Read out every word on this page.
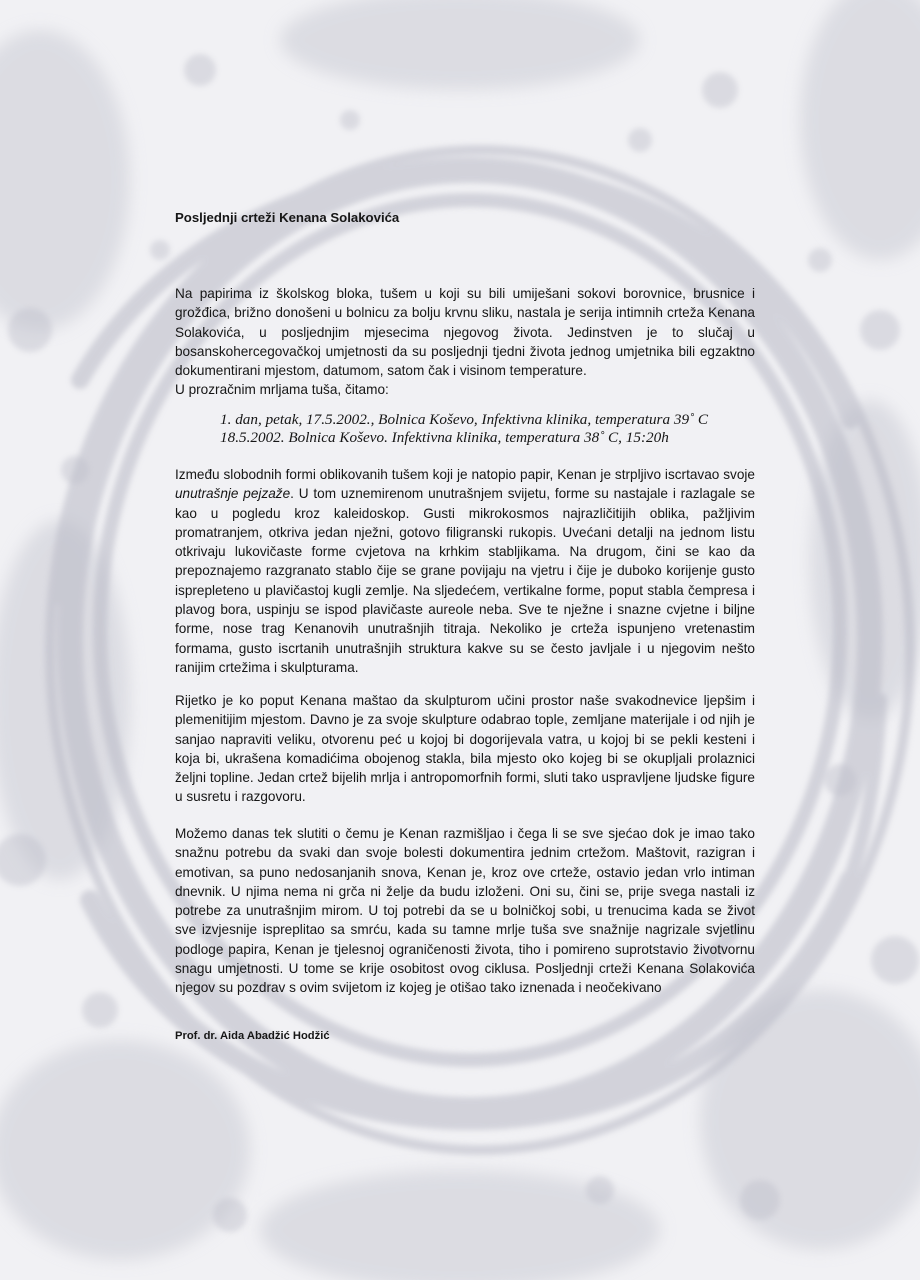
Posljednji crteži Kenana Solakovića

Na papirima iz školskog bloka, tušem u koji su bili umiješani sokovi borovnice, brusnice i grožđica, brižno donošeni u bolnicu za bolju krvnu sliku, nastala je serija intimnih crteža Kenana Solakovića, u posljednjim mjesecima njegovog života. Jedinstven je to slučaj u bosanskohercegovačkoj umjetnosti da su posljednji tjedni života jednog umjetnika bili egzaktno dokumentirani mjestom, datumom, satom čak i visinom temperature.
U prozračnim mrljama tuša, čitamo:

1. dan, petak, 17.5.2002., Bolnica Koševo, Infektivna klinika, temperatura 39˚ C
18.5.2002. Bolnica Koševo. Infektivna klinika, temperatura 38˚ C, 15:20h

Između slobodnih formi oblikovanih tušem koji je natopio papir, Kenan je strpljivo iscrtavao svoje unutrašnje pejzaže. U tom uznemirenom unutrašnjem svijetu, forme su nastajale i razlagale se kao u pogledu kroz kaleidoskop. Gusti mikrokosmos najrazličitijih oblika, pažljivim promatranjem, otkriva jedan nježni, gotovo filigranski rukopis. Uvećani detalji na jednom listu otkrivaju lukovičaste forme cvjetova na krhkim stabljikama. Na drugom, čini se kao da prepoznajemo razgranato stablo čije se grane povijaju na vjetru i čije je duboko korijenje gusto isprepleteno u plavičastoj kugli zemlje. Na sljedećem, vertikalne forme, poput stabla čempresa i plavog bora, uspinju se ispod plavičaste aureole neba. Sve te nježne i snazne cvjetne i biljne forme, nose trag Kenanovih unutrašnjih titraja. Nekoliko je crteža ispunjeno vretenastim formama, gusto iscrtanih unutrašnjih struktura kakve su se često javljale i u njegovim nešto ranijim crtežima i skulpturama.

Rijetko je ko poput Kenana maštao da skulpturom učini prostor naše svakodnevice ljepšim i plemenitijim mjestom. Davno je za svoje skulpture odabrao tople, zemljane materijale i od njih je sanjao napraviti veliku, otvorenu peć u kojoj bi dogorijevala vatra, u kojoj bi se pekli kesteni i koja bi, ukrašena komadićima obojenog stakla, bila mjesto oko kojeg bi se okupljali prolaznici željni topline. Jedan crtež bijelih mrlja i antropomorfnih formi, sluti tako uspravljene ljudske figure u susretu i razgovoru.

Možemo danas tek slutiti o čemu je Kenan razmišljao i čega li se sve sjećao dok je imao tako snažnu potrebu da svaki dan svoje bolesti dokumentira jednim crtežom. Maštovit, razigran i emotivan, sa puno nedosanjanih snova, Kenan je, kroz ove crteže, ostavio jedan vrlo intiman dnevnik. U njima nema ni grča ni želje da budu izloženi. Oni su, čini se, prije svega nastali iz potrebe za unutrašnjim mirom. U toj potrebi da se u bolničkoj sobi, u trenucima kada se život sve izvjesnije ispreplitao sa smrću, kada su tamne mrlje tuša sve snažnije nagrizale svjetlinu podloge papira, Kenan je tjelesnoj ograničenosti života, tiho i pomireno suprotstavio životvornu snagu umjetnosti. U tome se krije osobitost ovog ciklusa. Posljednji crteži Kenana Solakovića njegov su pozdrav s ovim svijetom iz kojeg je otišao tako iznenada i neočekivano

Prof. dr. Aida Abadžić Hodžić
